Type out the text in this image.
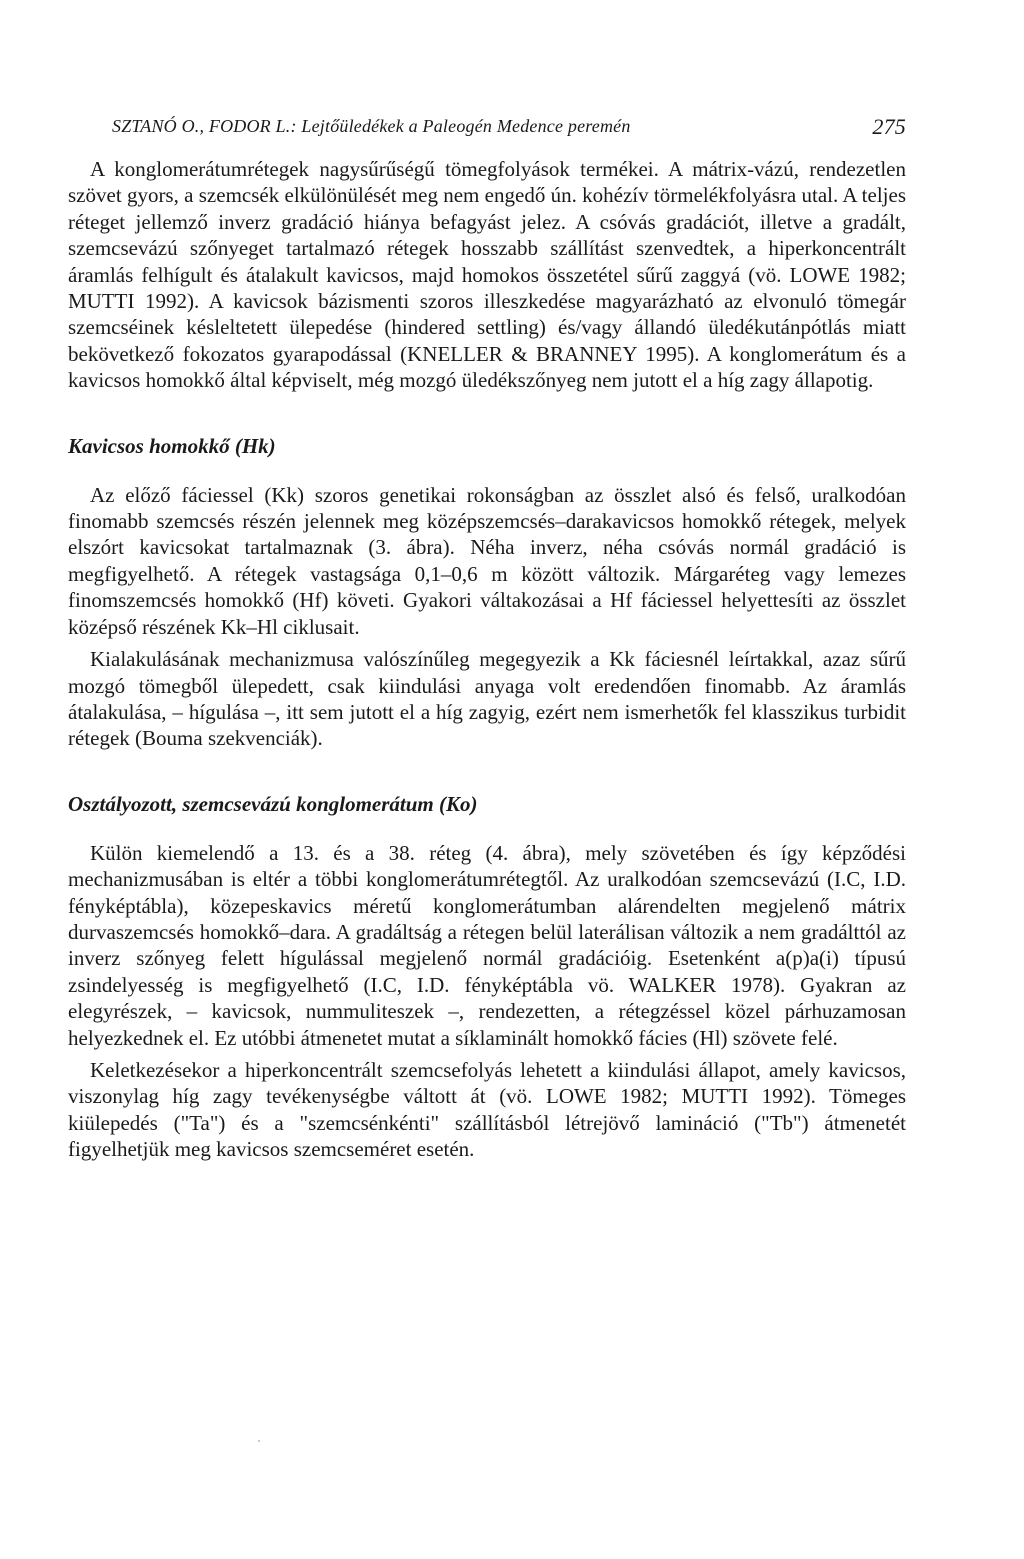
SZTANÓ O., FODOR L.: Lejtőüledékek a Paleogén Medence peremén	275

A konglomerátumrétegek nagysűrűségű tömegfolyások termékei. A mátrix-vázú, rendezetlen szövet gyors, a szemcsék elkülönülését meg nem engedő ún. kohézív törmelékfolyásra utal. A teljes réteget jellemző inverz gradáció hiánya befagyást jelez. A csóvás gradációt, illetve a gradált, szemcsevázú szőnyeget tartalmazó rétegek hosszabb szállítást szenvedtek, a hiperkoncentrált áramlás felhígult és átalakult kavicsos, majd homokos összetétel sűrű zaggyá (vö. LOWE 1982; MUTTI 1992). A kavicsok bázismenti szoros illeszkedése magyarázható az elvonuló tömegár szemcséinek késleltetett ülepedése (hindered settling) és/vagy állandó üledékutánpótlás miatt bekövetkező fokozatos gyarapodással (KNELLER & BRANNEY 1995). A konglomerátum és a kavicsos homokkő által képviselt, még mozgó üledékszőnyeg nem jutott el a híg zagy állapotig.

Kavicsos homokkő (Hk)

Az előző fáciessel (Kk) szoros genetikai rokonságban az összlet alsó és felső, uralkodóan finomabb szemcsés részén jelennek meg középszemcsés–darakavicsos homokkő rétegek, melyek elszórt kavicsokat tartalmaznak (3. ábra). Néha inverz, néha csóvás normál gradáció is megfigyelhető. A rétegek vastagsága 0,1–0,6 m között változik. Márgaréteg vagy lemezes finomszemcsés homokkő (Hf) követi. Gyakori váltakozásai a Hf fáciessel helyettesíti az összlet középső részének Kk–Hl ciklusait.

Kialakulásának mechanizmusa valószínűleg megegyezik a Kk fáciesnél leírtakkal, azaz sűrű mozgó tömegből ülepedett, csak kiindulási anyaga volt eredendően finomabb. Az áramlás átalakulása, – hígulása –, itt sem jutott el a híg zagyig, ezért nem ismerhetők fel klasszikus turbidit rétegek (Bouma szekvenciák).

Osztályozott, szemcsevázú konglomerátum (Ko)

Külön kiemelendő a 13. és a 38. réteg (4. ábra), mely szövetében és így képződési mechanizmusában is eltér a többi konglomerátumrétegtől. Az uralkodóan szemcsevázú (I.C, I.D. fényképtábla), közepeskavics méretű konglomerátumban alárendelten megjelenő mátrix durvaszemcsés homokkő–dara. A gradáltság a rétegen belül laterálisan változik a nem gradálttól az inverz szőnyeg felett hígulással megjelenő normál gradációig. Esetenként a(p)a(i) típusú zsindelyesség is megfigyelhető (I.C, I.D. fényképtábla vö. WALKER 1978). Gyakran az elegyrészek, – kavicsok, nummuliteszek –, rendezetten, a rétegzéssel közel párhuzamosan helyezkednek el. Ez utóbbi átmenetet mutat a síklaminált homokkő fácies (Hl) szövete felé.

Keletkezésekor a hiperkoncentrált szemcsefolyás lehetett a kiindulási állapot, amely kavicsos, viszonylag híg zagy tevékenységbe váltott át (vö. LOWE 1982; MUTTI 1992). Tömeges kiülepedés ("Ta") és a "szemcsénkénti" szállításból létrejövő lamináció ("Tb") átmenetét figyelhetjük meg kavicsos szemcseméret esetén.
